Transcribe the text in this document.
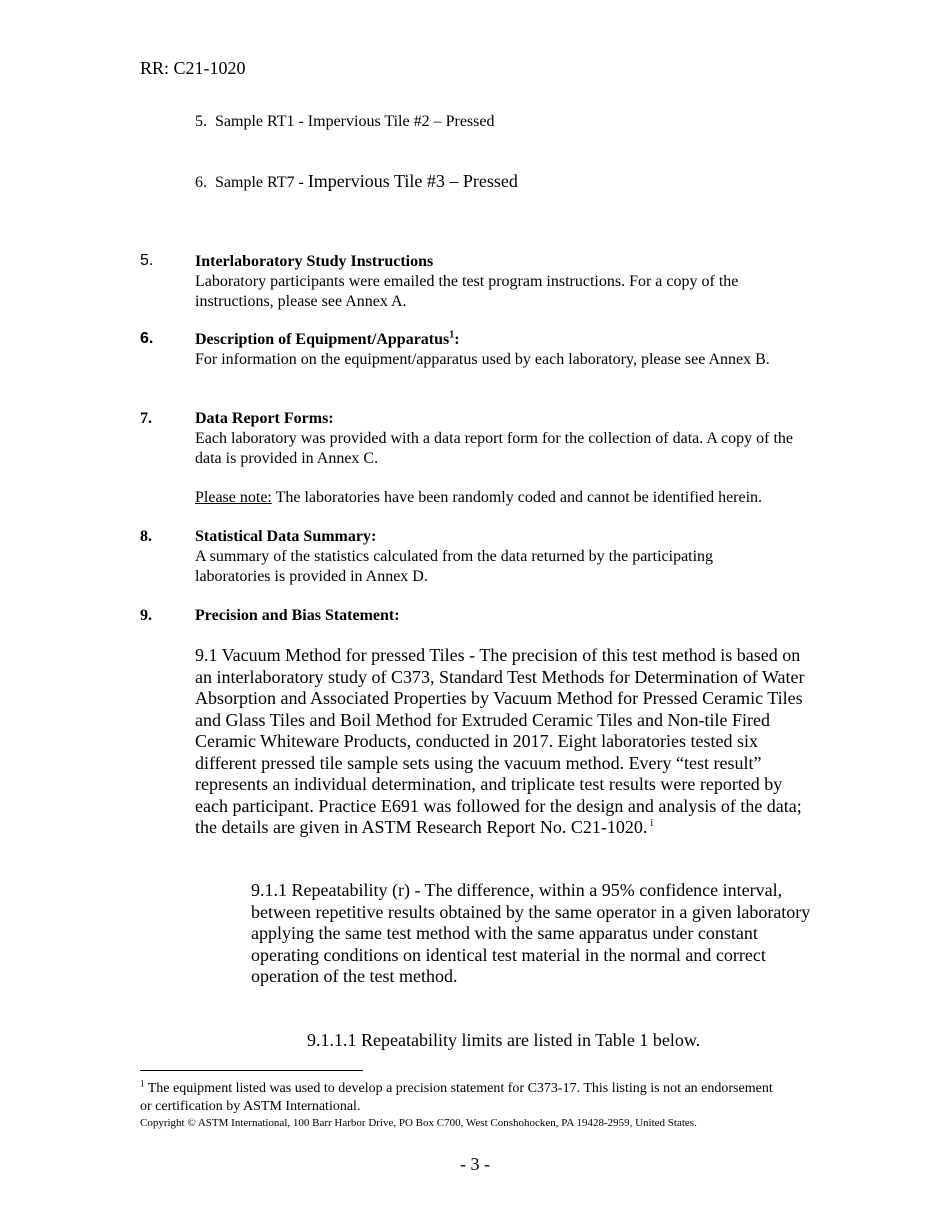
RR: C21-1020
5. Sample RT1 - Impervious Tile #2 – Pressed
6. Sample RT7 - Impervious Tile #3 – Pressed
5.	Interlaboratory Study Instructions
Laboratory participants were emailed the test program instructions. For a copy of the instructions, please see Annex A.
6.	Description of Equipment/Apparatus$^1$:
For information on the equipment/apparatus used by each laboratory, please see Annex B.
7.	Data Report Forms:
Each laboratory was provided with a data report form for the collection of data. A copy of the data is provided in Annex C.
Please note: The laboratories have been randomly coded and cannot be identified herein.
8.	Statistical Data Summary:
A summary of the statistics calculated from the data returned by the participating laboratories is provided in Annex D.
9.	Precision and Bias Statement:
9.1 Vacuum Method for pressed Tiles - The precision of this test method is based on an interlaboratory study of C373, Standard Test Methods for Determination of Water Absorption and Associated Properties by Vacuum Method for Pressed Ceramic Tiles and Glass Tiles and Boil Method for Extruded Ceramic Tiles and Non-tile Fired Ceramic Whiteware Products, conducted in 2017. Eight laboratories tested six different pressed tile sample sets using the vacuum method. Every “test result” represents an individual determination, and triplicate test results were reported by each participant. Practice E691 was followed for the design and analysis of the data; the details are given in ASTM Research Report No. C21-1020. $^i$
9.1.1 Repeatability (r) - The difference, within a 95% confidence interval, between repetitive results obtained by the same operator in a given laboratory applying the same test method with the same apparatus under constant operating conditions on identical test material in the normal and correct operation of the test method.
9.1.1.1 Repeatability limits are listed in Table 1 below.
$^1$ The equipment listed was used to develop a precision statement for C373-17. This listing is not an endorsement or certification by ASTM International.
Copyright © ASTM International, 100 Barr Harbor Drive, PO Box C700, West Conshohocken, PA 19428-2959, United States.
- 3 -
